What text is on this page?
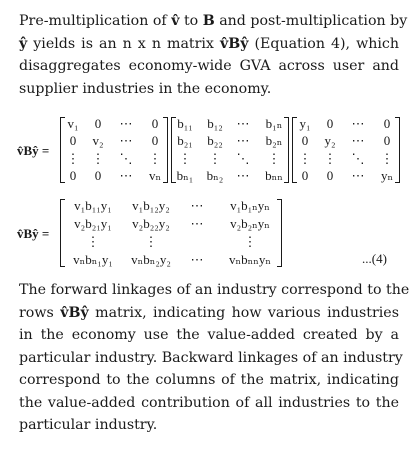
Pre-multiplication of v̂ to B and post-multiplication by
ŷ yields is an n x n matrix v̂Bŷ (Equation 4), which
disaggregates economy-wide GVA across user and
supplier industries in the economy.

v̂Bŷ =
v₁ 0 ⋯ 0
0 v₂ ⋯ 0
⋮ ⋮ ⋱ ⋮
0 0 ⋯ vₙ
b₁₁ b₁₂ ⋯ b₁ₙ
b₂₁ b₂₂ ⋯ b₂ₙ
⋮ ⋮ ⋱ ⋮
bₙ₁ bₙ₂ ⋯ bₙₙ
y₁ 0 ⋯ 0
0 y₂ ⋯ 0
⋮ ⋮ ⋱ ⋮
0 0 ⋯ yₙ
v̂Bŷ =
v₁b₁₁y₁ v₁b₁₂y₂ ⋯ v₁b₁ₙyₙ
v₂b₂₁y₁ v₂b₂₂y₂ ⋯ v₂b₂ₙyₙ
⋮	⋮	⋮
vₙbₙ₁y₁ vₙbₙ₂y₂ ⋯ vₙbₙₙyₙ	...(4)

The forward linkages of an industry correspond to the
rows v̂Bŷ matrix, indicating how various industries
in the economy use the value-added created by a
particular industry. Backward linkages of an industry
correspond to the columns of the matrix, indicating
the value-added contribution of all industries to the
particular industry.
